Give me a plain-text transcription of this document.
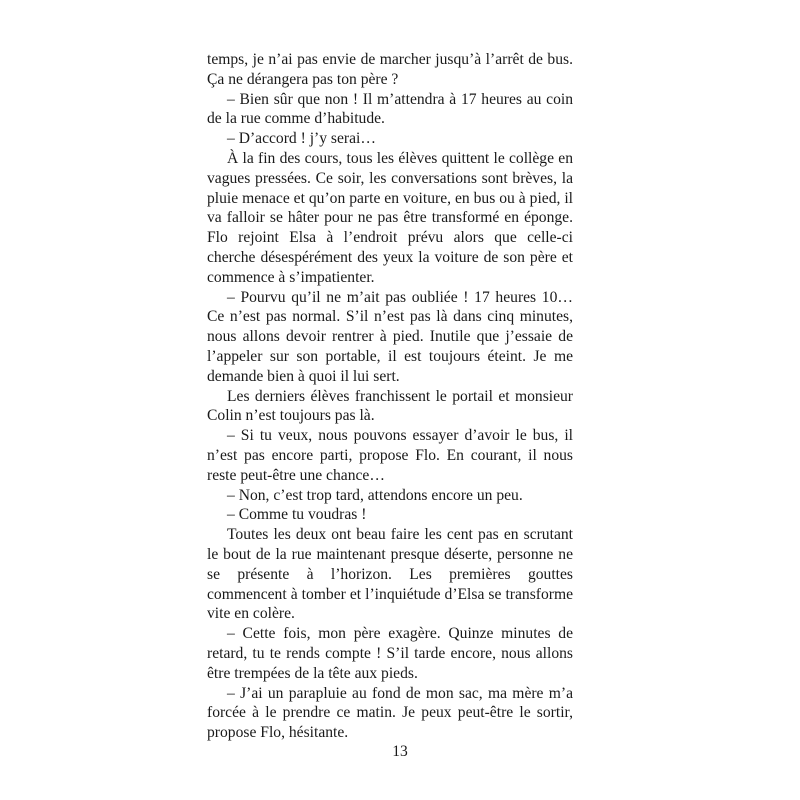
temps, je n’ai pas envie de marcher jusqu’à l’arrêt de bus. Ça ne dérangera pas ton père ?

– Bien sûr que non ! Il m’attendra à 17 heures au coin de la rue comme d’habitude.

– D’accord ! j’y serai…

À la fin des cours, tous les élèves quittent le collège en vagues pressées. Ce soir, les conversations sont brèves, la pluie menace et qu’on parte en voiture, en bus ou à pied, il va falloir se hâter pour ne pas être transformé en éponge. Flo rejoint Elsa à l’endroit prévu alors que celle-ci cherche désespérément des yeux la voiture de son père et commence à s’impatienter.

– Pourvu qu’il ne m’ait pas oubliée ! 17 heures 10… Ce n’est pas normal. S’il n’est pas là dans cinq minutes, nous allons devoir rentrer à pied. Inutile que j’essaie de l’appeler sur son portable, il est toujours éteint. Je me demande bien à quoi il lui sert.

Les derniers élèves franchissent le portail et monsieur Colin n’est toujours pas là.

– Si tu veux, nous pouvons essayer d’avoir le bus, il n’est pas encore parti, propose Flo. En courant, il nous reste peut-être une chance…

– Non, c’est trop tard, attendons encore un peu.

– Comme tu voudras !

Toutes les deux ont beau faire les cent pas en scrutant le bout de la rue maintenant presque déserte, personne ne se présente à l’horizon. Les premières gouttes commencent à tomber et l’inquiétude d’Elsa se transforme vite en colère.

– Cette fois, mon père exagère. Quinze minutes de retard, tu te rends compte ! S’il tarde encore, nous allons être trempées de la tête aux pieds.

– J’ai un parapluie au fond de mon sac, ma mère m’a forcée à le prendre ce matin. Je peux peut-être le sortir, propose Flo, hésitante.

13
